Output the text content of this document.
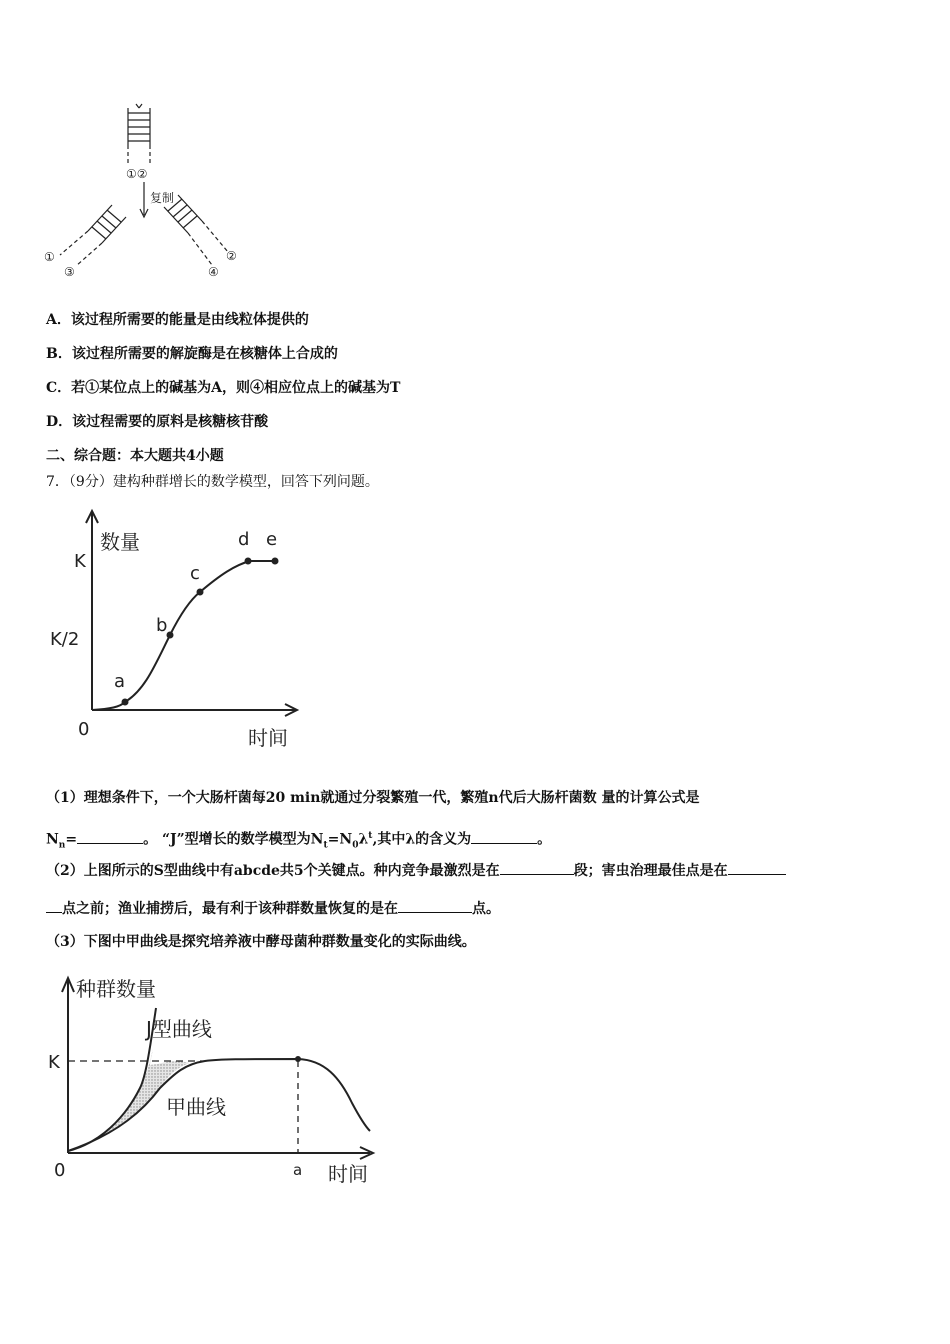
①②
复制
①
③
②
④
A．该过程所需要的能量是由线粒体提供的
B．该过程所需要的解旋酶是在核糖体上合成的
C．若①某位点上的碱基为A，则④相应位点上的碱基为T
D．该过程需要的原料是核糖核苷酸
二、综合题：本大题共4小题
7．（9分）建构种群增长的数学模型，回答下列问题。
数量
时间
K
K/2
0
a
b
c
d e
（1）理想条件下，一个大肠杆菌每20 min就通过分裂繁殖一代，繁殖n代后大肠杆菌数 量的计算公式是
$N_n=$	。 “J”型增长的数学模型为$N_t=N_0\lambda^t$,其中λ的含义为	。
（2）上图所示的S型曲线中有abcde共5个关键点。种内竞争最激烈是在	段；害虫治理最佳点是在
点之前；渔业捕捞后，最有利于该种群数量恢复的是在	点。
（3）下图中甲曲线是探究培养液中酵母菌种群数量变化的实际曲线。
种群数量
时间
K
0	a
J型曲线
甲曲线
